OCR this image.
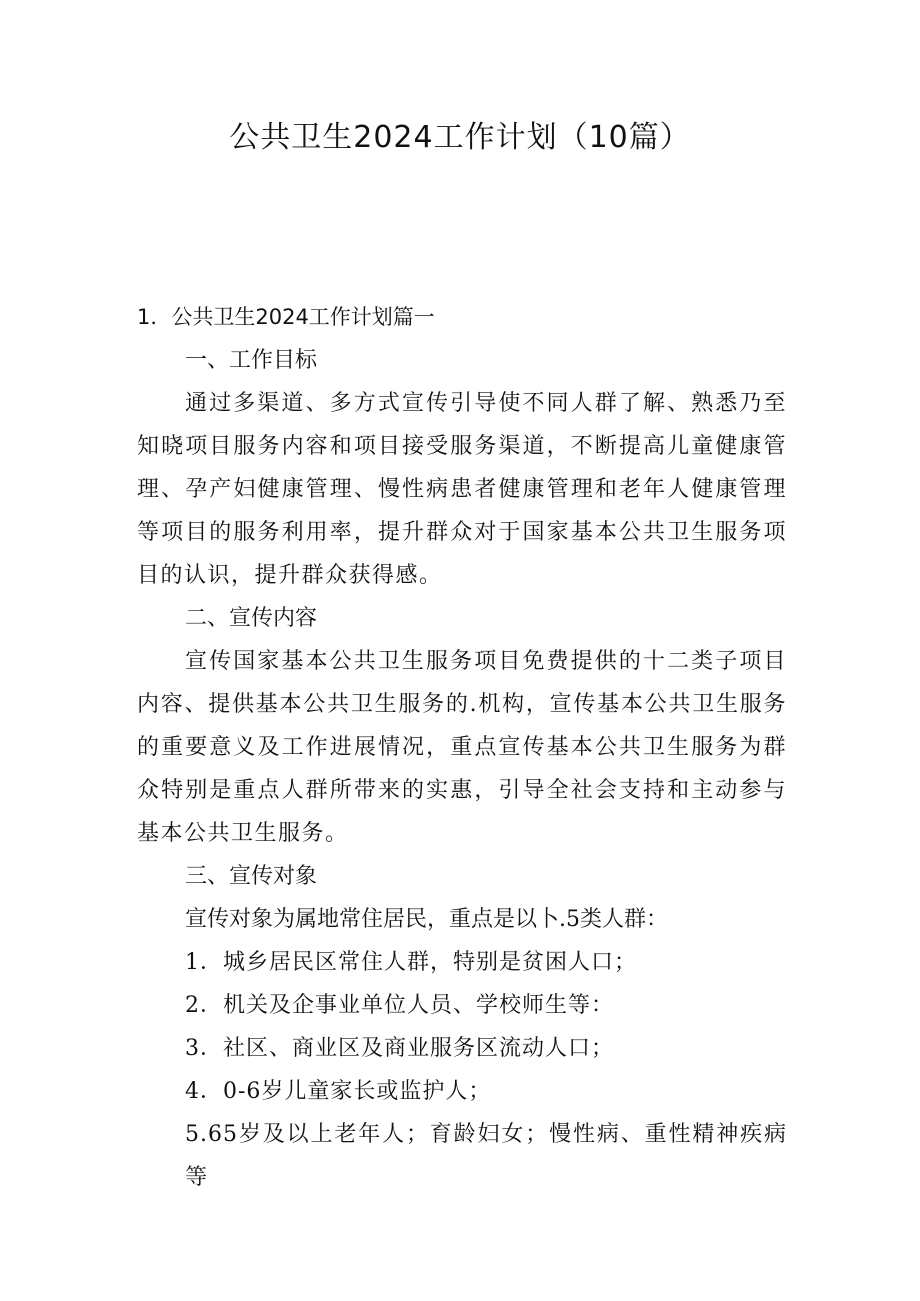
公共卫生2024工作计划（10篇）

1．公共卫生2024工作计划篇一

一、工作目标

通过多渠道、多方式宣传引导使不同人群了解、熟悉乃至知晓项目服务内容和项目接受服务渠道，不断提高儿童健康管理、孕产妇健康管理、慢性病患者健康管理和老年人健康管理等项目的服务利用率，提升群众对于国家基本公共卫生服务项目的认识，提升群众获得感。

二、宣传内容

宣传国家基本公共卫生服务项目免费提供的十二类子项目内容、提供基本公共卫生服务的.机构，宣传基本公共卫生服务的重要意义及工作进展情况，重点宣传基本公共卫生服务为群众特别是重点人群所带来的实惠，引导全社会支持和主动参与基本公共卫生服务。

三、宣传对象

宣传对象为属地常住居民，重点是以卜.5类人群：

1．城乡居民区常住人群，特别是贫困人口；

2．机关及企事业单位人员、学校师生等：

3．社区、商业区及商业服务区流动人口；

4．0-6岁儿童家长或监护人；

5.65岁及以上老年人；育龄妇女；慢性病、重性精神疾病等
